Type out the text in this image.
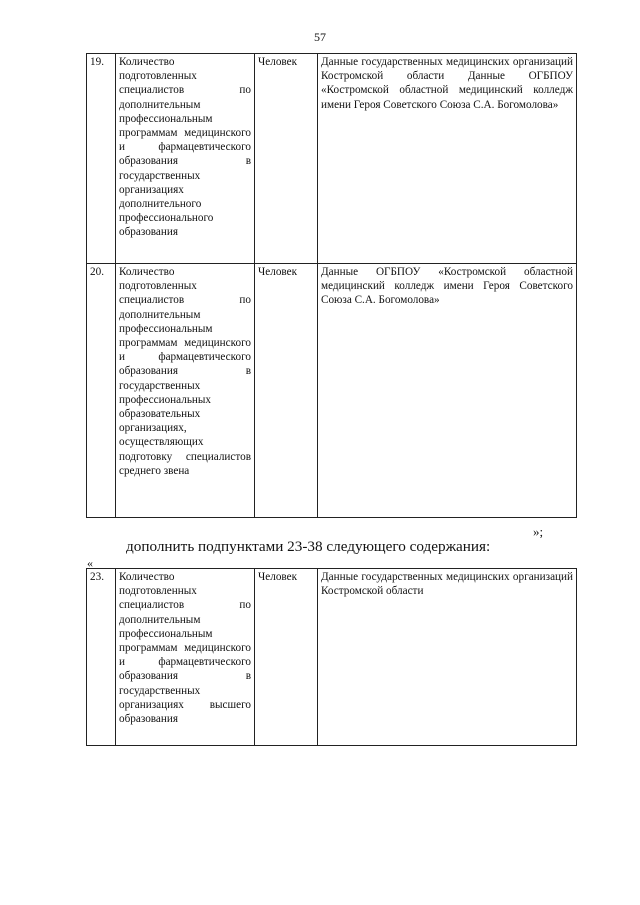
57
19.	Количество подготовленных специалистов по дополнительным профессиональным программам медицинского и фармацевтического образования в государственных организациях дополнительного профессионального образования	Человек	Данные государственных медицинских организаций Костромской области Данные ОГБПОУ «Костромской областной медицинский колледж имени Героя Советского Союза С.А. Богомолова»
20.	Количество подготовленных специалистов по дополнительным профессиональным программам медицинского и фармацевтического образования в государственных профессиональных образовательных организациях, осуществляющих подготовку специалистов среднего звена	Человек	Данные ОГБПОУ «Костромской областной медицинский колледж имени Героя Советского Союза С.А. Богомолова»
»;
дополнить подпунктами 23-38 следующего содержания:
«
23.	Количество подготовленных специалистов по дополнительным профессиональным программам медицинского и фармацевтического образования в государственных организациях высшего образования	Человек	Данные государственных медицинских организаций Костромской области
